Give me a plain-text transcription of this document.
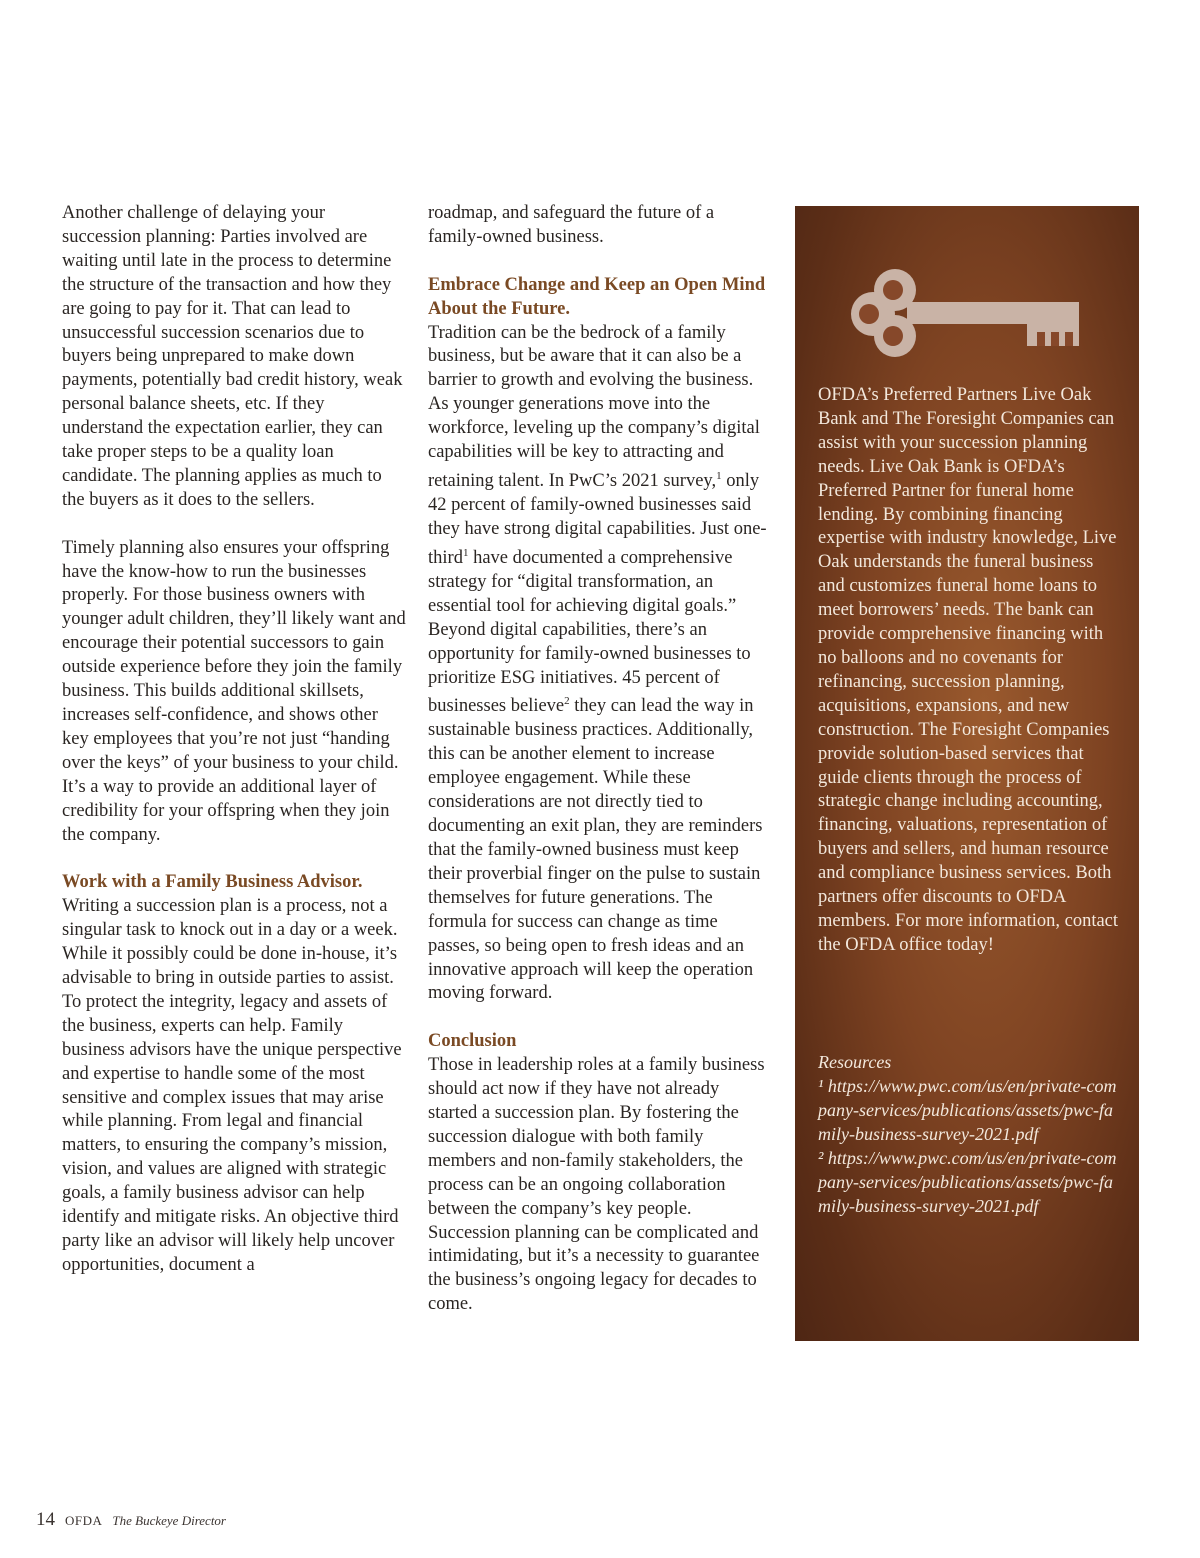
Another challenge of delaying your succession planning: Parties involved are waiting until late in the process to determine the structure of the transaction and how they are going to pay for it. That can lead to unsuccessful succession scenarios due to buyers being unprepared to make down payments, potentially bad credit history, weak personal balance sheets, etc. If they understand the expectation earlier, they can take proper steps to be a quality loan candidate. The planning applies as much to the buyers as it does to the sellers.

Timely planning also ensures your offspring have the know-how to run the businesses properly. For those business owners with younger adult children, they’ll likely want and encourage their potential successors to gain outside experience before they join the family business. This builds additional skillsets, increases self-confidence, and shows other key employees that you’re not just “handing over the keys” of your business to your child. It’s a way to provide an additional layer of credibility for your offspring when they join the company.

Work with a Family Business Advisor.

Writing a succession plan is a process, not a singular task to knock out in a day or a week. While it possibly could be done in-house, it’s advisable to bring in outside parties to assist. To protect the integrity, legacy and assets of the business, experts can help. Family business advisors have the unique perspective and expertise to handle some of the most sensitive and complex issues that may arise while planning. From legal and financial matters, to ensuring the company’s mission, vision, and values are aligned with strategic goals, a family business advisor can help identify and mitigate risks. An objective third party like an advisor will likely help uncover opportunities, document a

roadmap, and safeguard the future of a family-owned business.

Embrace Change and Keep an Open Mind About the Future.

Tradition can be the bedrock of a family business, but be aware that it can also be a barrier to growth and evolving the business. As younger generations move into the workforce, leveling up the company’s digital capabilities will be key to attracting and retaining talent. In PwC’s 2021 survey,$^1$ only 42 percent of family-owned businesses said they have strong digital capabilities. Just one-third$^1$ have documented a comprehensive strategy for “digital transformation, an essential tool for achieving digital goals.” Beyond digital capabilities, there’s an opportunity for family-owned businesses to prioritize ESG initiatives. 45 percent of businesses believe$^2$ they can lead the way in sustainable business practices. Additionally, this can be another element to increase employee engagement. While these considerations are not directly tied to documenting an exit plan, they are reminders that the family-owned business must keep their proverbial finger on the pulse to sustain themselves for future generations. The formula for success can change as time passes, so being open to fresh ideas and an innovative approach will keep the operation moving forward.

Conclusion

Those in leadership roles at a family business should act now if they have not already started a succession plan. By fostering the succession dialogue with both family members and non-family stakeholders, the process can be an ongoing collaboration between the company’s key people. Succession planning can be complicated and intimidating, but it’s a necessity to guarantee the business’s ongoing legacy for decades to come.

OFDA’s Preferred Partners Live Oak Bank and The Foresight Companies can assist with your succession planning needs. Live Oak Bank is OFDA’s Preferred Partner for funeral home lending. By combining financing expertise with industry knowledge, Live Oak understands the funeral business and customizes funeral home loans to meet borrowers’ needs. The bank can provide comprehensive financing with no balloons and no covenants for refinancing, succession planning, acquisitions, expansions, and new construction. The Foresight Companies provide solution-based services that guide clients through the process of strategic change including accounting, financing, valuations, representation of buyers and sellers, and human resource and compliance business services. Both partners offer discounts to OFDA members. For more information, contact the OFDA office today!

Resources

¹ https://www.pwc.com/us/en/private-company-services/publications/assets/pwc-family-business-survey-2021.pdf

² https://www.pwc.com/us/en/private-company-services/publications/assets/pwc-family-business-survey-2021.pdf

14 OFDA The Buckeye Director
